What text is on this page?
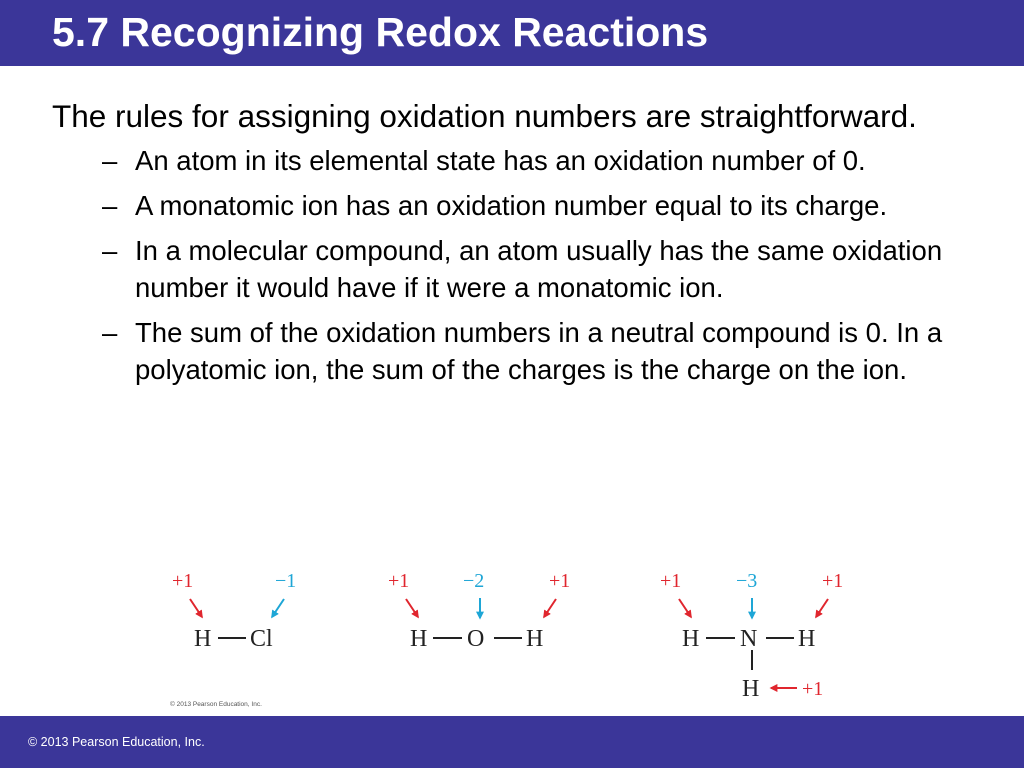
5.7 Recognizing Redox Reactions

The rules for assigning oxidation numbers are straightforward.

– An atom in its elemental state has an oxidation number of 0.
– A monatomic ion has an oxidation number equal to its charge.
– In a molecular compound, an atom usually has the same oxidation number it would have if it were a monatomic ion.
– The sum of the oxidation numbers in a neutral compound is 0. In a polyatomic ion, the sum of the charges is the charge on the ion.
+1	−1
H Cl
+1	−2	+1
H O H
+1	−3	+1
H N H
H +1
© 2013 Pearson Education, Inc.
© 2013 Pearson Education, Inc.
